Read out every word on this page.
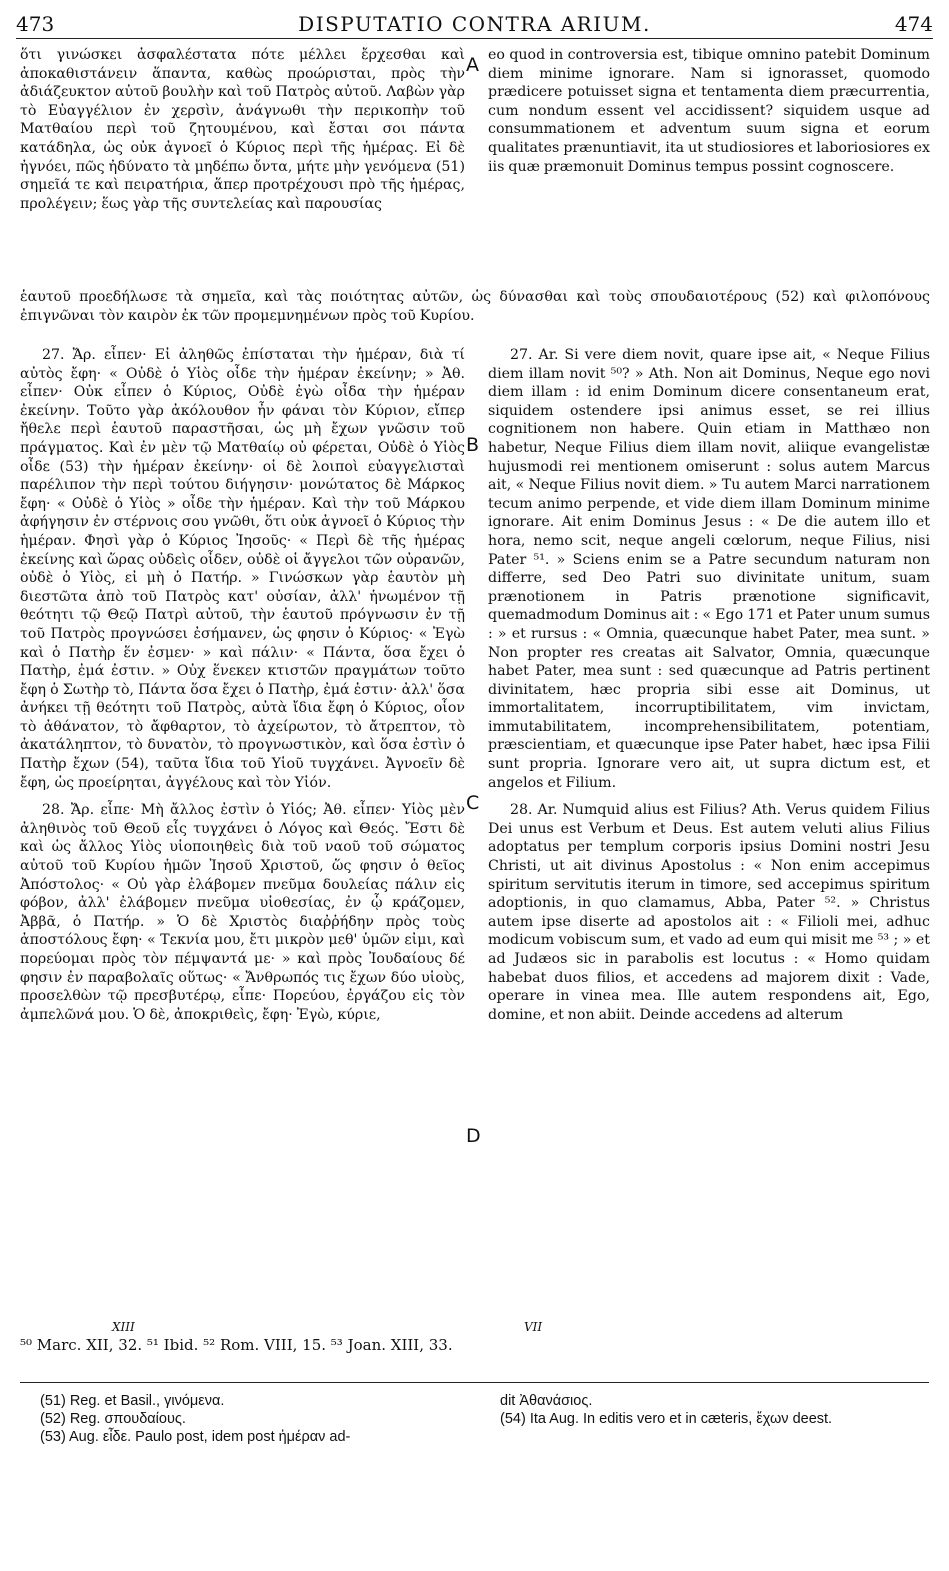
473	DISPUTATIO CONTRA ARIUM.	474
A
B
C
D

ὅτι γινώσκει ἀσφαλέστατα πότε μέλλει ἔρχεσθαι καὶ ἀποκαθιστάνειν ἅπαντα, καθὼς προώρισται, πρὸς τὴν ἀδιάζευκτον αὐτοῦ βουλὴν καὶ τοῦ Πατρὸς αὐτοῦ. Λαβὼν γὰρ τὸ Εὐαγγέλιον ἐν χερσὶν, ἀνάγνωθι τὴν περικοπὴν τοῦ Ματθαίου περὶ τοῦ ζητουμένου, καὶ ἔσται σοι πάντα κατάδηλα, ὡς οὐκ ἀγνοεῖ ὁ Κύριος περὶ τῆς ἡμέρας. Εἰ δὲ ἠγνόει, πῶς ἠδύνατο τὰ μηδέπω ὄντα, μήτε μὴν γενόμενα (51) σημεῖά τε καὶ πειρατήρια, ἅπερ προτρέχουσι πρὸ τῆς ἡμέρας, προλέγειν; ἕως γὰρ τῆς συντελείας καὶ παρουσίας

eo quod in controversia est, tibique omnino patebit Dominum diem minime ignorare. Nam si ignorasset, quomodo prædicere potuisset signa et tentamenta diem præcurrentia, cum nondum essent vel accidissent? siquidem usque ad consummationem et adventum suum signa et eorum qualitates prænuntiavit, ita ut studiosiores et laboriosiores ex iis quæ præmonuit Dominus tempus possint cognoscere.

ἑαυτοῦ προεδήλωσε τὰ σημεῖα, καὶ τὰς ποιότητας αὐτῶν, ὡς δύνασθαι καὶ τοὺς σπουδαιοτέρους (52) καὶ φιλοπόνους ἐπιγνῶναι τὸν καιρὸν ἐκ τῶν προμεμνημένων πρὸς τοῦ Κυρίου.

27. Ἄρ. εἶπεν· Εἰ ἀληθῶς ἐπίσταται τὴν ἡμέραν, διὰ τί αὐτὸς ἔφη· « Οὐδὲ ὁ Υἱὸς οἶδε τὴν ἡμέραν ἐκείνην; » Ἀθ. εἶπεν· Οὐκ εἶπεν ὁ Κύριος, Οὐδὲ ἐγὼ οἶδα τὴν ἡμέραν ἐκείνην. Τοῦτο γὰρ ἀκόλουθον ἦν φάναι τὸν Κύριον, εἴπερ ἤθελε περὶ ἑαυτοῦ παραστῆσαι, ὡς μὴ ἔχων γνῶσιν τοῦ πράγματος. Καὶ ἐν μὲν τῷ Ματθαίῳ οὐ φέρεται, Οὐδὲ ὁ Υἱὸς οἶδε (53) τὴν ἡμέραν ἐκείνην· οἱ δὲ λοιποὶ εὐαγγελισταὶ παρέλιπον τὴν περὶ τούτου διήγησιν· μονώτατος δὲ Μάρκος ἔφη· « Οὐδὲ ὁ Υἱὸς » οἶδε τὴν ἡμέραν. Καὶ τὴν τοῦ Μάρκου ἀφήγησιν ἐν στέρνοις σου γνῶθι, ὅτι οὐκ ἀγνοεῖ ὁ Κύριος τὴν ἡμέραν. Φησὶ γὰρ ὁ Κύριος Ἰησοῦς· « Περὶ δὲ τῆς ἡμέρας ἐκείνης καὶ ὥρας οὐδεὶς οἶδεν, οὐδὲ οἱ ἄγγελοι τῶν οὐρανῶν, οὐδὲ ὁ Υἱὸς, εἰ μὴ ὁ Πατήρ. » Γινώσκων γὰρ ἑαυτὸν μὴ διεστῶτα ἀπὸ τοῦ Πατρὸς κατ' οὐσίαν, ἀλλ' ἡνωμένον τῇ θεότητι τῷ Θεῷ Πατρὶ αὐτοῦ, τὴν ἑαυτοῦ πρόγνωσιν ἐν τῇ τοῦ Πατρὸς προγνώσει ἐσήμανεν, ὡς φησιν ὁ Κύριος· « Ἐγὼ καὶ ὁ Πατὴρ ἕν ἐσμεν· » καὶ πάλιν· « Πάντα, ὅσα ἔχει ὁ Πατὴρ, ἐμά ἐστιν. » Οὐχ ἕνεκεν κτιστῶν πραγμάτων τοῦτο ἔφη ὁ Σωτὴρ τὸ, Πάντα ὅσα ἔχει ὁ Πατὴρ, ἐμά ἐστιν· ἀλλ' ὅσα ἀνήκει τῇ θεότητι τοῦ Πατρὸς, αὐτὰ ἴδια ἔφη ὁ Κύριος, οἷον τὸ ἀθάνατον, τὸ ἄφθαρτον, τὸ ἀχείρωτον, τὸ ἄτρεπτον, τὸ ἀκατάληπτον, τὸ δυνατὸν, τὸ προγνωστικὸν, καὶ ὅσα ἐστὶν ὁ Πατὴρ ἔχων (54), ταῦτα ἴδια τοῦ Υἱοῦ τυγχάνει. Ἀγνοεῖν δὲ ἔφη, ὡς προείρηται, ἀγγέλους καὶ τὸν Υἱόν.

28. Ἄρ. εἶπε· Μὴ ἄλλος ἐστὶν ὁ Υἱός; Ἀθ. εἶπεν· Υἱὸς μὲν ἀληθινὸς τοῦ Θεοῦ εἷς τυγχάνει ὁ Λόγος καὶ Θεός. Ἔστι δὲ καὶ ὡς ἄλλος Υἱὸς υἱοποιηθεὶς διὰ τοῦ ναοῦ τοῦ σώματος αὐτοῦ τοῦ Κυρίου ἡμῶν Ἰησοῦ Χριστοῦ, ὥς φησιν ὁ θεῖος Ἀπόστολος· « Οὐ γὰρ ἐλάβομεν πνεῦμα δουλείας πάλιν εἰς φόβον, ἀλλ' ἐλάβομεν πνεῦμα υἱοθεσίας, ἐν ᾧ κράζομεν, Ἀββᾶ, ὁ Πατήρ. » Ὁ δὲ Χριστὸς διαῤῥήδην πρὸς τοὺς ἀποστόλους ἔφη· « Τεκνία μου, ἔτι μικρὸν μεθ' ὑμῶν εἰμι, καὶ πορεύομαι πρὸς τὸν πέμψαντά με· » καὶ πρὸς Ἰουδαίους δέ φησιν ἐν παραβολαῖς οὕτως· « Ἄνθρωπός τις ἔχων δύο υἱοὺς, προσελθὼν τῷ πρεσβυτέρῳ, εἶπε· Πορεύου, ἐργάζου εἰς τὸν ἀμπελῶνά μου. Ὁ δὲ, ἀποκριθεὶς, ἔφη· Ἐγὼ, κύριε,

27. Ar. Si vere diem novit, quare ipse ait, « Neque Filius diem illam novit ⁵⁰? » Ath. Non ait Dominus, Neque ego novi diem illam : id enim Dominum dicere consentaneum erat, siquidem ostendere ipsi animus esset, se rei illius cognitionem non habere. Quin etiam in Matthæo non habetur, Neque Filius diem illam novit, aliique evangelistæ hujusmodi rei mentionem omiserunt : solus autem Marcus ait, « Neque Filius novit diem. » Tu autem Marci narrationem tecum animo perpende, et vide diem illam Dominum minime ignorare. Ait enim Dominus Jesus : « De die autem illo et hora, nemo scit, neque angeli cœlorum, neque Filius, nisi Pater ⁵¹. » Sciens enim se a Patre secundum naturam non differre, sed Deo Patri suo divinitate unitum, suam prænotionem in Patris prænotione significavit, quemadmodum Dominus ait : « Ego 171 et Pater unum sumus : » et rursus : « Omnia, quæcunque habet Pater, mea sunt. » Non propter res creatas ait Salvator, Omnia, quæcunque habet Pater, mea sunt : sed quæcunque ad Patris pertinent divinitatem, hæc propria sibi esse ait Dominus, ut immortalitatem, incorruptibilitatem, vim invictam, immutabilitatem, incomprehensibilitatem, potentiam, præscientiam, et quæcunque ipse Pater habet, hæc ipsa Filii sunt propria. Ignorare vero ait, ut supra dictum est, et angelos et Filium.

28. Ar. Numquid alius est Filius? Ath. Verus quidem Filius Dei unus est Verbum et Deus. Est autem veluti alius Filius adoptatus per templum corporis ipsius Domini nostri Jesu Christi, ut ait divinus Apostolus : « Non enim accepimus spiritum servitutis iterum in timore, sed accepimus spiritum adoptionis, in quo clamamus, Abba, Pater ⁵². » Christus autem ipse diserte ad apostolos ait : « Filioli mei, adhuc modicum vobiscum sum, et vado ad eum qui misit me ⁵³ ; » et ad Judæos sic in parabolis est locutus : « Homo quidam habebat duos filios, et accedens ad majorem dixit : Vade, operare in vinea mea. Ille autem respondens ait, Ego, domine, et non abiit. Deinde accedens ad alterum

XIII	VII
⁵⁰ Marc. XII, 32. ⁵¹ Ibid. ⁵² Rom. VIII, 15. ⁵³ Joan. XIII, 33.

(51) Reg. et Basil., γινόμενα.

(52) Reg. σπουδαίους.

(53) Aug. εἶδε. Paulo post, idem post ἡμέραν ad-

dit Ἀθανάσιος.

(54) Ita Aug. In editis vero et in cæteris, ἔχων deest.
